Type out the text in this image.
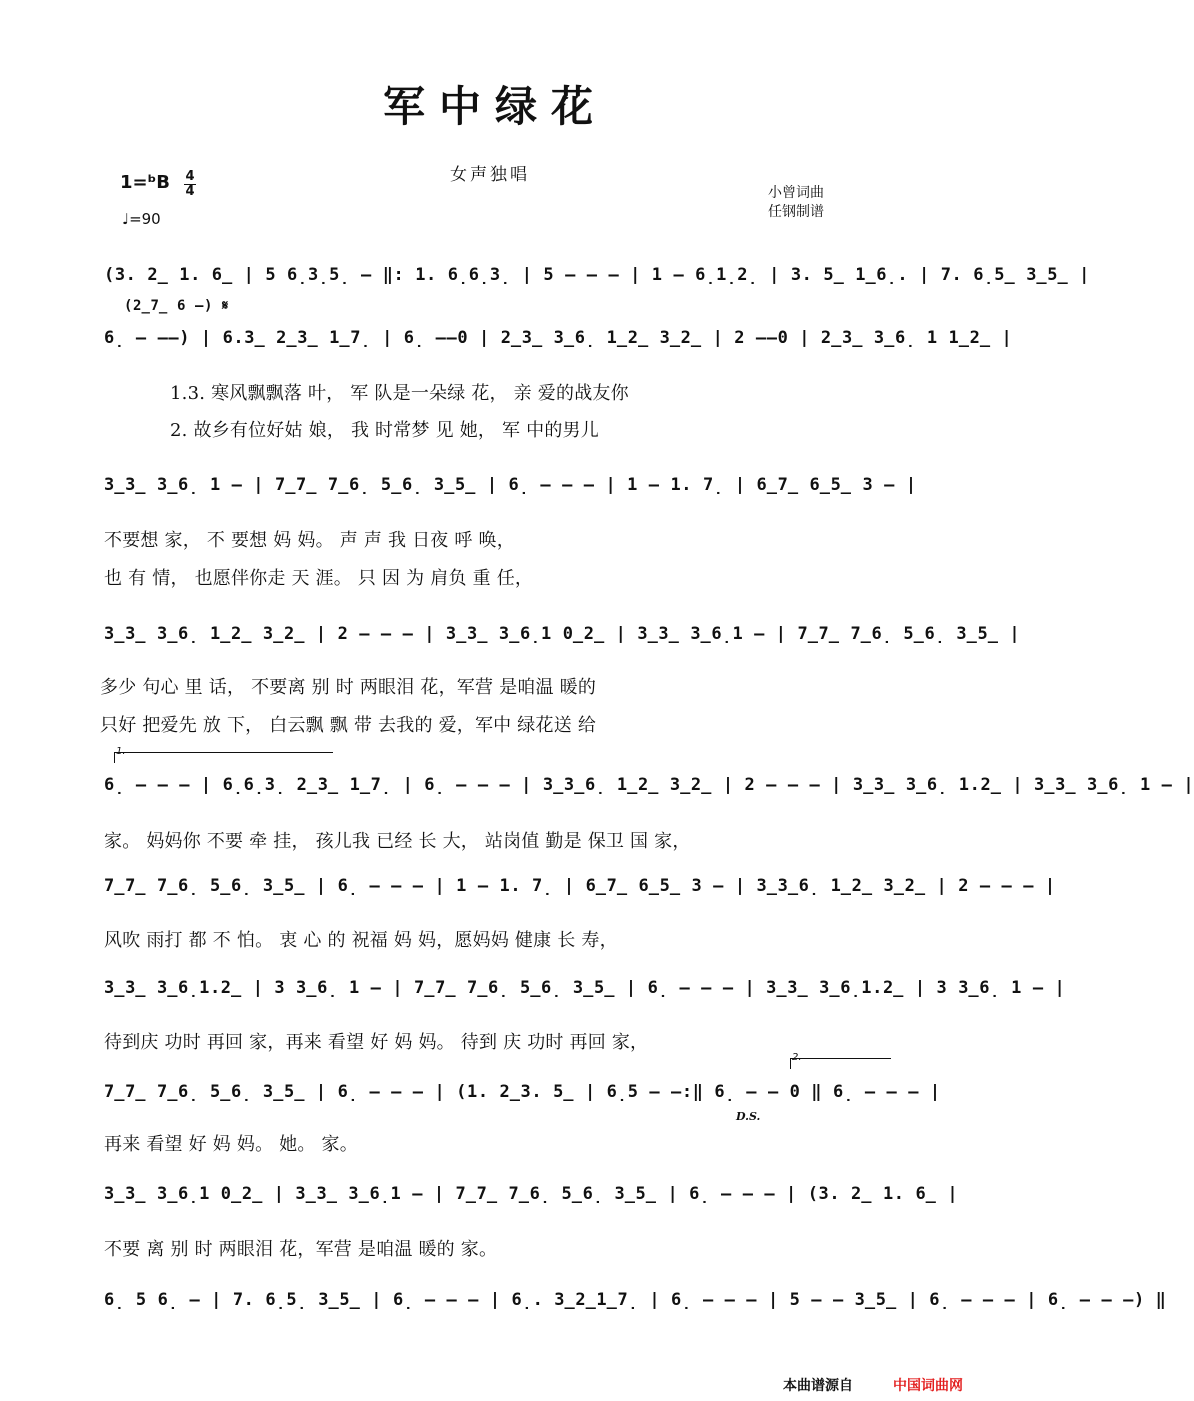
军中绿花
女声独唱
1=ᵇB 4
4
♩=90
小曾词曲
任钢制谱
(3. 2̲ 1. 6̲ | 5 6̣3̣5̣ – ‖: 1. 6̣6̣3̣ | 5 – – – | 1 – 6̣1̣2̣ | 3. 5̲ 1̲6̣. | 7. 6̣5̲ 3̲5̲ |
(2̲7̲ 6 –) 𝄋
6̣ – ––) | 6.3̲ 2̲3̲ 1̲7̣ | 6̣ ––0 | 2̲3̲ 3̲6̣ 1̲2̲ 3̲2̲ | 2 ––0 | 2̲3̲ 3̲6̣ 1 1̲2̲ |
1.3. 寒风飘飘落 叶， 军 队是一朵绿 花， 亲 爱的战友你
2. 故乡有位好姑 娘， 我 时常梦 见 她， 军 中的男儿
3̲3̲ 3̲6̣ 1 – | 7̲7̲ 7̲6̣ 5̲6̣ 3̲5̲ | 6̣ – – – | 1 – 1. 7̣ | 6̲7̲ 6̲5̲ 3 – |
不要想 家， 不 要想 妈 妈。 声 声 我 日夜 呼 唤，
也 有 情， 也愿伴你走 天 涯。 只 因 为 肩负 重 任，
3̲3̲ 3̲6̣ 1̲2̲ 3̲2̲ | 2 – – – | 3̲3̲ 3̲6̣1 0̲2̲ | 3̲3̲ 3̲6̣1 – | 7̲7̲ 7̲6̣ 5̲6̣ 3̲5̲ |
多少 句心 里 话， 不要离 别 时 两眼泪 花，军营 是咱温 暖的
只好 把爱先 放 下， 白云飘 飘 带 去我的 爱，军中 绿花送 给
1.
6̣ – – – | 6̣6̣3̣ 2̲3̲ 1̲7̣ | 6̣ – – – | 3̲3̲6̣ 1̲2̲ 3̲2̲ | 2 – – – | 3̲3̲ 3̲6̣ 1.2̲ | 3̲3̲ 3̲6̣ 1 – |
家。 妈妈你 不要 牵 挂， 孩儿我 已经 长 大， 站岗值 勤是 保卫 国 家，
7̲7̲ 7̲6̣ 5̲6̣ 3̲5̲ | 6̣ – – – | 1 – 1. 7̣ | 6̲7̲ 6̲5̲ 3 – | 3̲3̲6̣ 1̲2̲ 3̲2̲ | 2 – – – |
风吹 雨打 都 不 怕。 衷 心 的 祝福 妈 妈，愿妈妈 健康 长 寿，
3̲3̲ 3̲6̣1.2̲ | 3 3̲6̣ 1 – | 7̲7̲ 7̲6̣ 5̲6̣ 3̲5̲ | 6̣ – – – | 3̲3̲ 3̲6̣1.2̲ | 3 3̲6̣ 1 – |
待到庆 功时 再回 家，再来 看望 好 妈 妈。 待到 庆 功时 再回 家，
2.
7̲7̲ 7̲6̣ 5̲6̣ 3̲5̲ | 6̣ – – – | (1. 2̲3. 5̲ | 6̣5 – –:‖ 6̣ – – 0 ‖ 6̣ – – – |
D.S.
再来 看望 好 妈 妈。 她。 家。
3̲3̲ 3̲6̣1 0̲2̲ | 3̲3̲ 3̲6̣1 – | 7̲7̲ 7̲6̣ 5̲6̣ 3̲5̲ | 6̣ – – – | (3. 2̲ 1. 6̲ |
不要 离 别 时 两眼泪 花，军营 是咱温 暖的 家。
6̣ 5 6̣ – | 7. 6̣5̣ 3̲5̲ | 6̣ – – – | 6̣. 3̲2̲1̲7̣ | 6̣ – – – | 5 – – 3̲5̲ | 6̣ – – – | 6̣ – – –) ‖
本曲谱源自	中国词曲网
